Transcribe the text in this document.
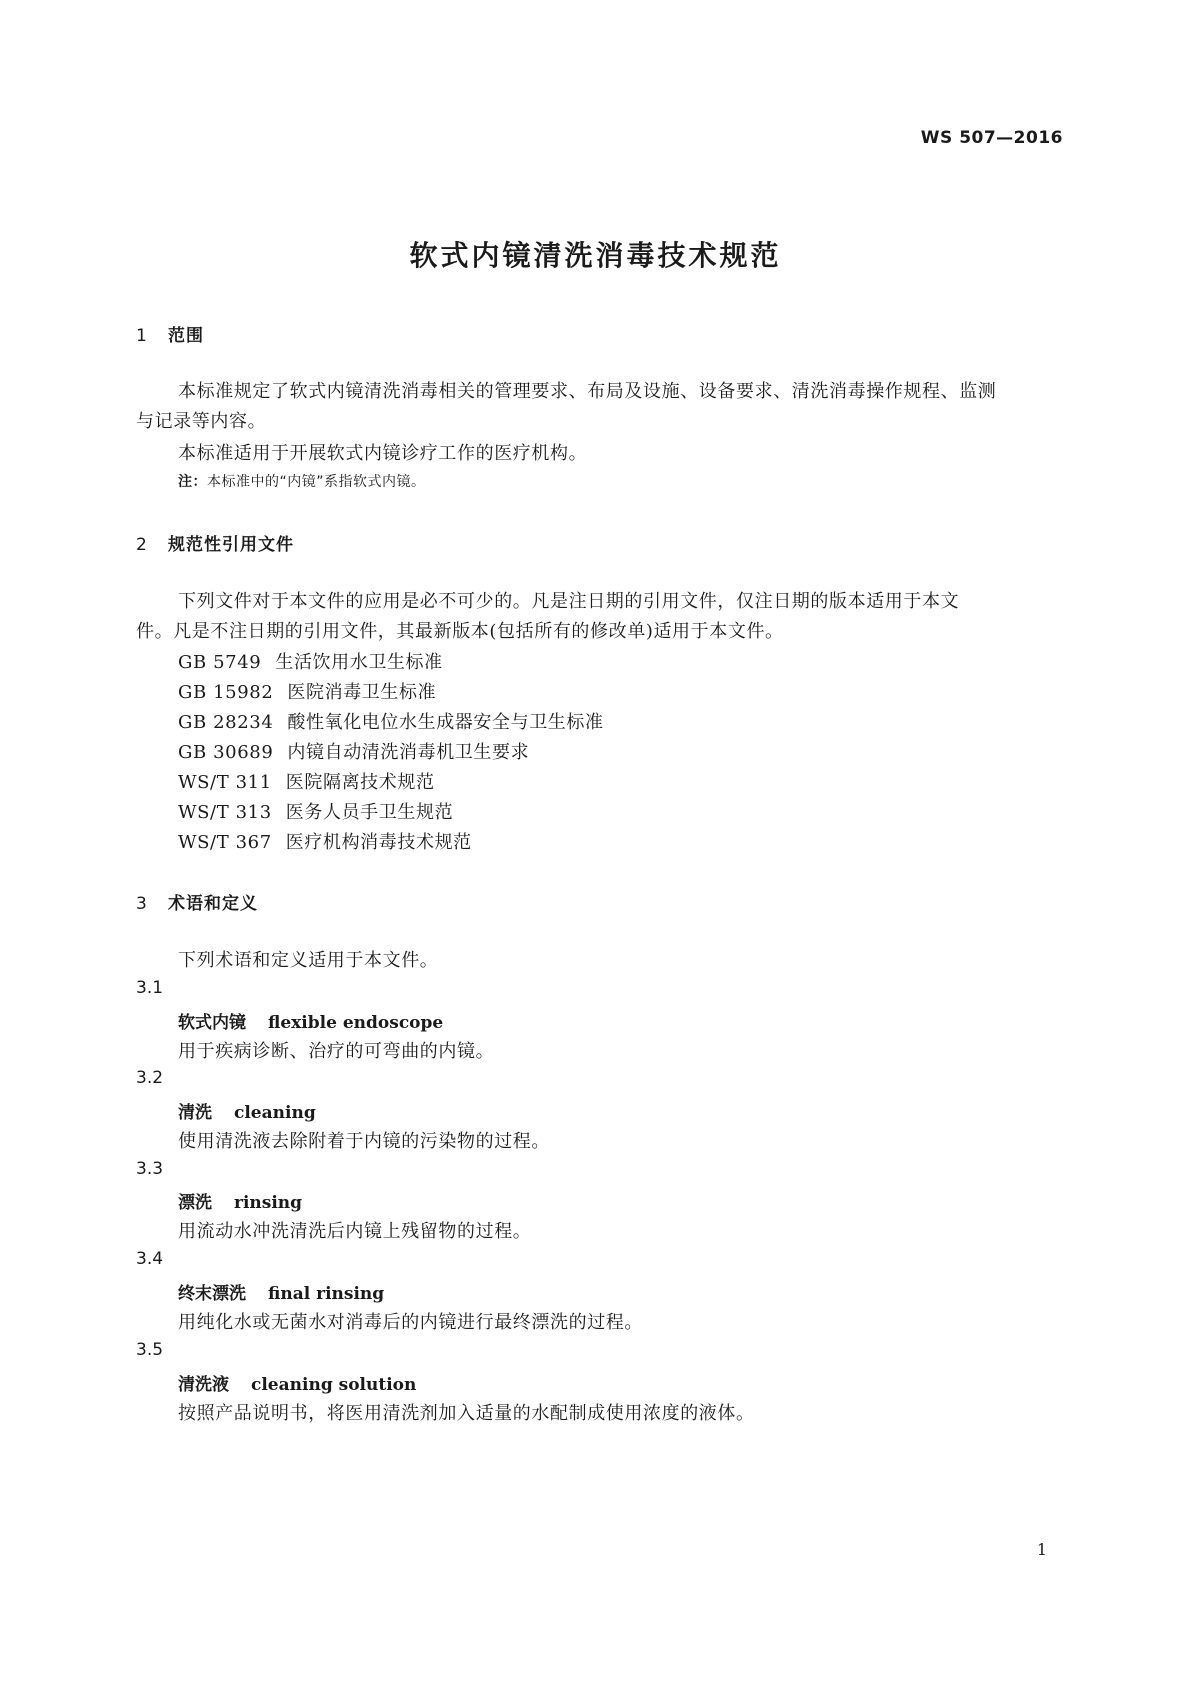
WS 507—2016
软式内镜清洗消毒技术规范
1 范围
本标准规定了软式内镜清洗消毒相关的管理要求、布局及设施、设备要求、清洗消毒操作规程、监测
与记录等内容。
本标准适用于开展软式内镜诊疗工作的医疗机构。
注：本标准中的“内镜”系指软式内镜。
2 规范性引用文件
下列文件对于本文件的应用是必不可少的。凡是注日期的引用文件，仅注日期的版本适用于本文
件。凡是不注日期的引用文件，其最新版本(包括所有的修改单)适用于本文件。
GB 5749 生活饮用水卫生标准
GB 15982 医院消毒卫生标准
GB 28234 酸性氧化电位水生成器安全与卫生标准
GB 30689 内镜自动清洗消毒机卫生要求
WS/T 311 医院隔离技术规范
WS/T 313 医务人员手卫生规范
WS/T 367 医疗机构消毒技术规范
3 术语和定义
下列术语和定义适用于本文件。
3.1
软式内镜 flexible endoscope
用于疾病诊断、治疗的可弯曲的内镜。
3.2
清洗 cleaning
使用清洗液去除附着于内镜的污染物的过程。
3.3
漂洗 rinsing
用流动水冲洗清洗后内镜上残留物的过程。
3.4
终末漂洗 final rinsing
用纯化水或无菌水对消毒后的内镜进行最终漂洗的过程。
3.5
清洗液 cleaning solution
按照产品说明书，将医用清洗剂加入适量的水配制成使用浓度的液体。
1
